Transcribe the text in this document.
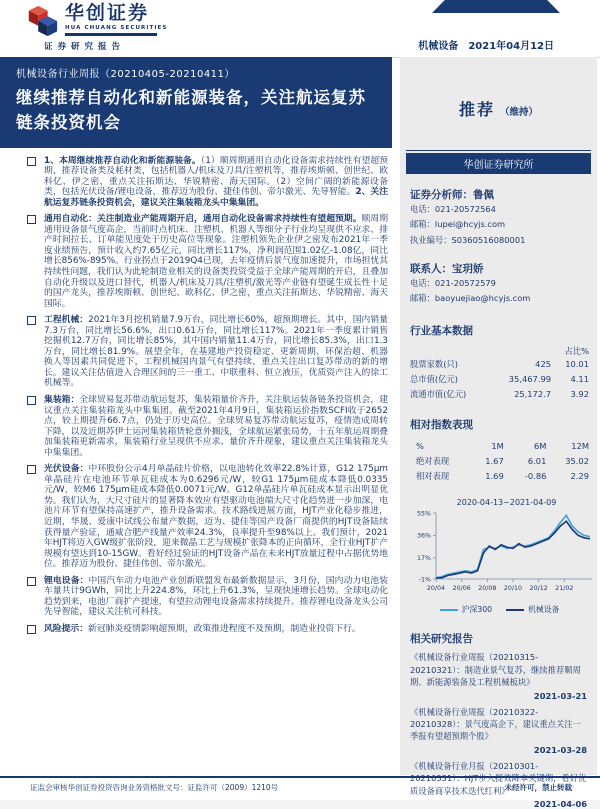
华创证券
HUA CHUANG SECURITIES
证券研究报告	机械设备 2021年04月12日
机械设备行业周报（20210405-20210411）
继续推荐自动化和新能源装备，关注航运复苏链条投资机会
1、本周继续推荐自动化和新能源装备。（1）顺周期通用自动化设备需求持续性有望超预期，推荐设备类及耗材类，包括机器人/机床及刀具/注塑机等，推荐埃斯顿、创世纪、欧科亿、伊之密，重点关注拓斯达、华锐精密、海天国际。（2）空间广阔的新能源设备类，包括光伏设备/锂电设备，推荐迈为股份、捷佳伟创、帝尔激光、先导智能。2、关注航运复苏链条投资机会，建议关注集装箱龙头中集集团。
通用自动化：关注制造业产能周期开启，通用自动化设备需求持续性有望超预期。顺周期通用设备景气度高企，当前时点机床、注塑机、机器人等细分子行业均呈现供不应求、排产时间拉长、订单能见度处于历史高位等现象。注塑机领先企业伊之密发布2021年一季度业绩预告，预计收入约7.65亿元，同比增长117%，净利润范围1.02亿-1.08亿，同比增长856%-895%。行业拐点于2019Q4已现，去年疫情后景气度加速提升，市场担忧其持续性问题，我们认为此轮制造业相关的设备类投资受益于全球产能周期的开启，且叠加自动化升级以及进口替代，机器人/机床及刀具/注塑机/激光等产业链有望诞生成长性十足的国产龙头，推荐埃斯顿、创世纪、欧科亿、伊之密，重点关注拓斯达、华锐精密、海天国际。
工程机械：2021年3月挖机销量7.9万台，同比增长60%，超预期增长。其中，国内销量7.3万台，同比增长56.6%，出口0.61万台，同比增长117%。2021年一季度累计销售挖掘机12.7万台，同比增长85%，其中国内销量11.4万台，同比增长85.3%，出口1.3万台，同比增长81.9%。展望全年，在基建地产投资稳定、更新周期、环保治超、机器换人等因素共同促进下，工程机械国内景气有望持续，重点关注出口复苏带动的新的增长。建议关注估值进入合理区间的三一重工、中联重科、恒立液压，优质资产注入的徐工机械等。
集装箱：全球贸易复苏带动航运复苏，集装箱量价齐升，关注航运装备链条投资机会，建议重点关注集装箱龙头中集集团。截至2021年4月9日，集装箱运价指数SCFI收于2652点，较上期提升66.7点，仍处于历史高位。全球贸易复苏带动航运复苏，疫情造成周转下降，以及近期苏伊士运河集装箱货轮意外搁浅，全球航运紧张局势，十五年航运周期叠加集装箱更新需求，集装箱行业呈现供不应求、量价齐升现象，建议重点关注集装箱龙头中集集团。
光伏设备：中环股份公示4月单晶硅片价格，以电池转化效率22.8%计算，G12 175μm单晶硅片在电池环节单瓦硅成本为0.6296元/W，较G1 175μm硅成本降低0.0335元/W，较M6 175μm硅成本降低0.0071元/W。G12单晶硅片单瓦硅成本显示出明显优势。我们认为，大尺寸硅片的显著降本效应有望驱动电池端大尺寸化趋势进一步加深，电池片环节有望保持高速扩产，推升设备需求。技术路线进展方面，HJT产业化稳步推进，近期，华晟、爱康中试线公布量产数据，迈为、捷佳等国产设备厂商提供的HJT设备陆续获得量产验证，通威合肥产线量产效率24.3%，良率提升至98%以上。我们预计，2021年HJT将迈入GW级扩张阶段，迎来微晶工艺与规模扩张降本的正向循环，全行业HJT扩产规模有望达到10-15GW。看好经过验证的HJT设备产品在未来HJT放量过程中占据优势地位。推荐迈为股份、捷佳伟创、帝尔激光。
锂电设备：中国汽车动力电池产业创新联盟发布最新数据显示，3月份，国内动力电池装车量共计9GWh，同比上升224.8%，环比上升61.3%，呈现快速增长趋势。全球电动化趋势到来，电池厂商扩产提速，有望拉动锂电设备需求持续提升。推荐锂电设备龙头公司先导智能，建议关注杭可科技。
风险提示：新冠肺炎疫情影响超预期，政策推进程度不及预期，制造业投资下行。
推荐 （维持）
华创证券研究所
证券分析师：鲁佩
电话：021-20572564
邮箱：lupei@hcyjs.com
执业编号：S0360516080001
联系人：宝玥娇
电话：021-20572579
邮箱：baoyuejiao@hcyjs.com
行业基本数据
占比%
股票家数(只)	425	10.01
总市值(亿元)	35,467.99	4.11
流通市值(亿元)	25,172.7	3.92
相对指数表现
%	1M	6M	12M
绝对表现	1.67	6.01	35.02
相对表现	1.69	-0.86	2.29
2020-04-13~2021-04-09
55%
36%
17%
-1%
20/04 20/06 20/08 20/10 20/12 21/02
沪深300	机械设备
相关研究报告
《机械设备行业周报（20210315-20210321）：制造业景气复苏，继续推荐顺周期、新能源装备及工程机械板块》
2021-03-21
《机械设备行业周报（20210322-20210328）：景气度高企下，建议重点关注一季报有望超预期个股》
2021-03-28
《机械设备行业月报（20210301-20210331）：HJT步入提效降本关键期，看好优质设备商享技术迭代红利》
2021-04-06
证监会审核华创证券投资咨询业务资格批文号：证监许可（2009）1210号	未经许可，禁止转载
